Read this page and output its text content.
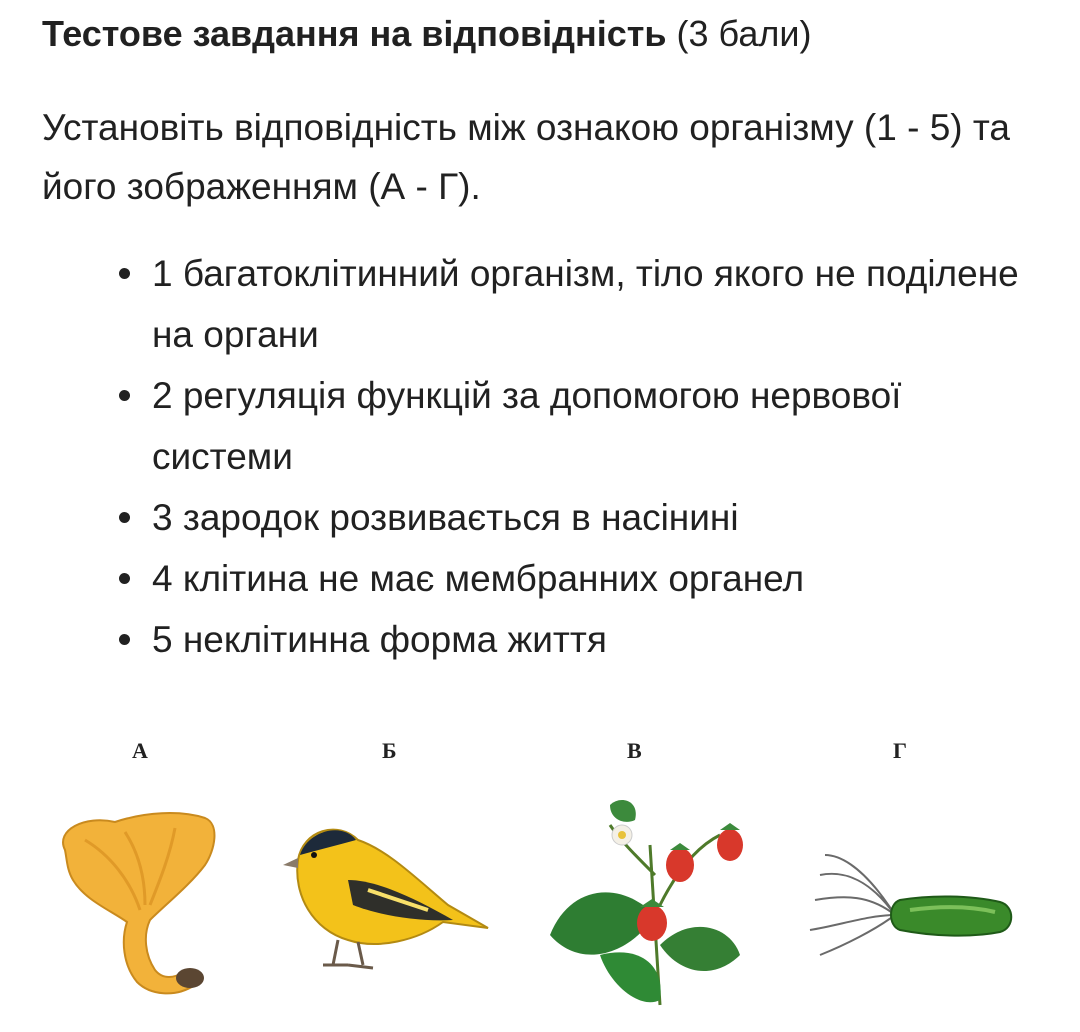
Тестове завдання на відповідність (3 бали)

Установіть відповідність між ознакою організму (1 - 5) та його зображенням (А - Г).

1 багатоклітинний організм, тіло якого не поділене на органи
2 регуляція функцій за допомогою нервової системи
3 зародок розвивається в насінині
4 клітина не має мембранних органел
5 неклітинна форма життя
А	Б	В	Г
